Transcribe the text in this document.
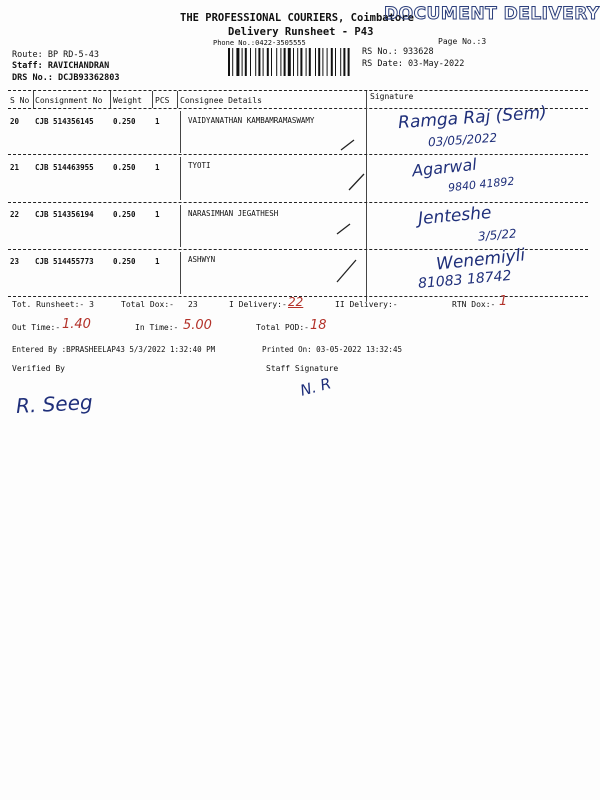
THE PROFESSIONAL COURIERS, Coimbatore
Delivery Runsheet - P43
Phone No.:0422-3505555
DOCUMENT DELIVERY
Page No.:3
Route: BP RD-5-43
Staff: RAVICHANDRAN
DRS No.: DCJB93362803
RS No.: 933628
RS Date: 03-May-2022
S No Consignment No Weight PCS Consignee Details	Signature
20 CJB 514356145	0.250	1	VAIDYANATHAN KAMBAMRAMASWAMY	Ramga Raj (Sem)
03/05/2022
21 CJB 514463955	0.250	1	TYOTI	Agarwal
9840 41892
22 CJB 514356194	0.250	1	NARASIMHAN JEGATHESH	Jenteshe
3/5/22
23 CJB 514455773	0.250	1	ASHWYN	Wenemiyli
81083 18742
Tot. Runsheet:- 3	Total Dox:- 23	I Delivery:- 22	II Delivery:-	RTN Dox:- 1
Out Time:- 1.40	In Time:- 5.00	Total POD:- 18
Entered By :BPRASHEELAP43 5/3/2022 1:32:40 PM	Printed On: 03-05-2022 13:32:45
Verified By	Staff Signature
R. Seeg
N. R
